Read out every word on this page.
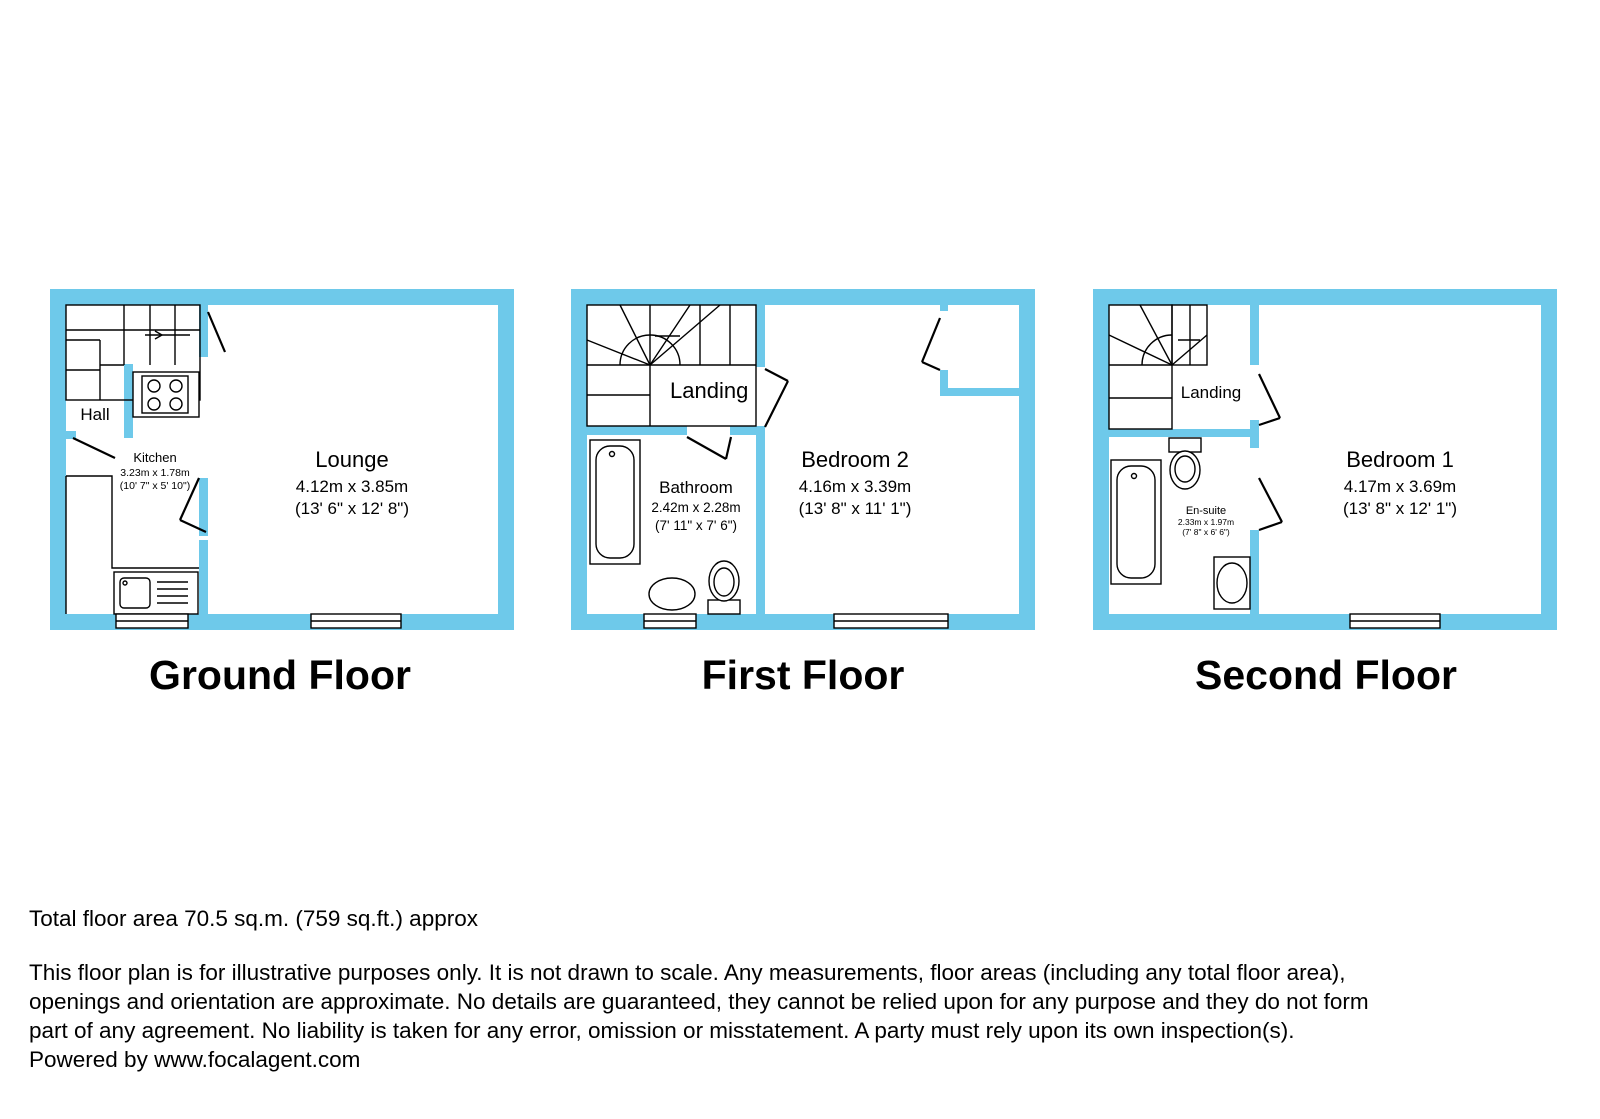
Hall
Kitchen
3.23m x 1.78m
(10' 7" x 5' 10")
Lounge
4.12m x 3.85m
(13' 6" x 12' 8")
Ground Floor
Landing
Bathroom
2.42m x 2.28m
(7' 11" x 7' 6")
Bedroom 2
4.16m x 3.39m
(13' 8" x 11' 1")
First Floor
Landing
En-suite
2.33m x 1.97m
(7' 8" x 6' 6")
Bedroom 1
4.17m x 3.69m
(13' 8" x 12' 1")
Second Floor
Total floor area 70.5 sq.m. (759 sq.ft.) approx
This floor plan is for illustrative purposes only. It is not drawn to scale. Any measurements, floor areas (including any total floor area),
openings and orientation are approximate. No details are guaranteed, they cannot be relied upon for any purpose and they do not form
part of any agreement. No liability is taken for any error, omission or misstatement. A party must rely upon its own inspection(s).
Powered by www.focalagent.com
